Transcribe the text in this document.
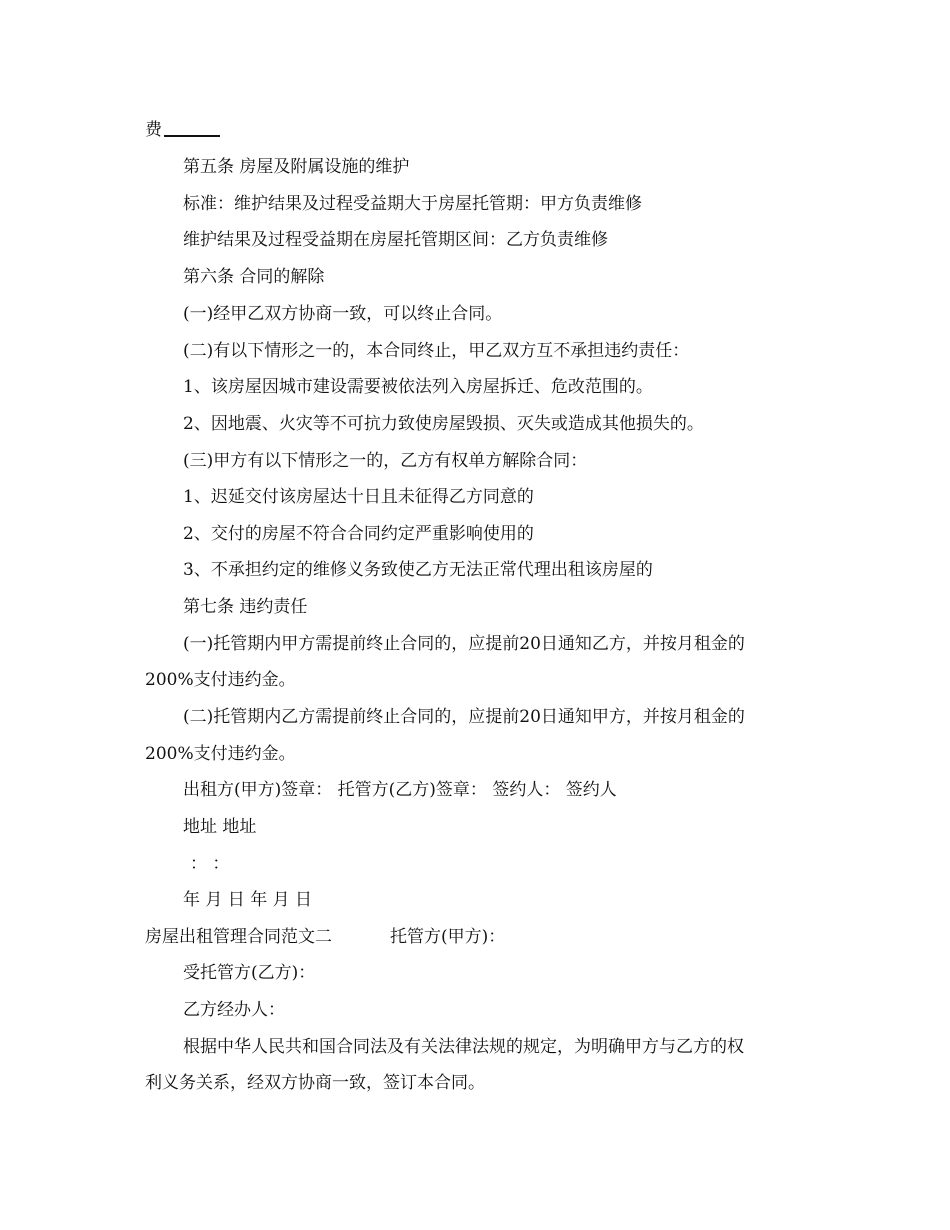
费
第五条 房屋及附属设施的维护
标准：维护结果及过程受益期大于房屋托管期：甲方负责维修
维护结果及过程受益期在房屋托管期区间：乙方负责维修
第六条 合同的解除
(一)经甲乙双方协商一致，可以终止合同。
(二)有以下情形之一的，本合同终止，甲乙双方互不承担违约责任：
1、该房屋因城市建设需要被依法列入房屋拆迁、危改范围的。
2、因地震、火灾等不可抗力致使房屋毁损、灭失或造成其他损失的。
(三)甲方有以下情形之一的，乙方有权单方解除合同：
1、迟延交付该房屋达十日且未征得乙方同意的
2、交付的房屋不符合合同约定严重影响使用的
3、不承担约定的维修义务致使乙方无法正常代理出租该房屋的
第七条 违约责任
(一)托管期内甲方需提前终止合同的，应提前20日通知乙方，并按月租金的
200%支付违约金。
(二)托管期内乙方需提前终止合同的，应提前20日通知甲方，并按月租金的
200%支付违约金。
出租方(甲方)签章： 托管方(乙方)签章： 签约人： 签约人
地址 地址
： ：
年 月 日 年 月 日
房屋出租管理合同范文二	托管方(甲方)：
受托管方(乙方)：
乙方经办人：
根据中华人民共和国合同法及有关法律法规的规定，为明确甲方与乙方的权
利义务关系，经双方协商一致，签订本合同。
